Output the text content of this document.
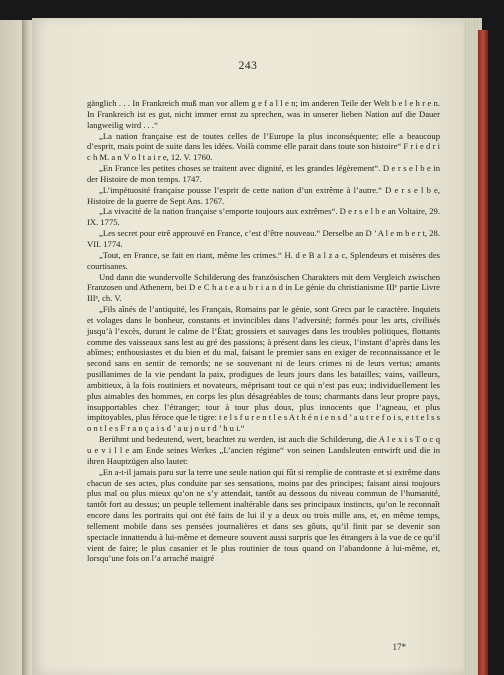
243

gänglich . . . In Frankreich muß man vor allem g e f a l l e n; im anderen Teile der Welt b e l e h r e n. In Frankreich ist es gut, nicht immer ernst zu sprechen, was in unserer lieben Nation auf die Dauer langweilig wird . . .“

„La nation française est de toutes celles de l’Europe la plus inconséquente; elle a beaucoup d’esprit, mais point de suite dans les idées. Voilà comme elle parait dans toute son histoire“ F r i e d r i c h M. a n V o l t a i r e, 12. V. 1760.

„En France les petites choses se traitent avec dignité, et les grandes légèrement“. D e r s e l b e in der Histoire de mon temps. 1747.

„L’impétuosité française pousse l’esprit de cette nation d’un extrême à l’autre.“ D e r s e l b e, Histoire de la guerre de Sept Ans. 1767.

„La vivacité de la nation française s’emporte toujours aux extrêmes“. D e r s e l b e an Voltaire, 29. IX. 1775.

„Les secret pour etrê approuvé en France, c’est d’être nouveau.“ Derselbe an D ’ A l e m b e r t, 28. VII. 1774.

„Tout, en France, se fait en riant, même les crimes.“ H. d e B a l z a c, Splendeurs et misères des courtisanes.

Und dann die wundervolle Schilderung des französischen Charakters mit dem Vergleich zwischen Franzosen und Athenern, bei D e C h a t e a u b r i a n d in Le génie du christianisme IIIᵉ partie Livre IIIᵉ, ch. V.

„Fils aînés de l’antiquité, les Français, Romains par le génie, sont Grecs par le caractère. Inquiets et volages dans le bonheur, constants et invincibles dans l’adversité; formés pour les arts, civilisés jusqu’à l’excès, durant le calme de l’État; grossiers et sauvages dans les troubles politiques, flottants comme des vaisseaux sans lest au gré des passions; à présent dans les cieux, l’instant d’après dans les abîmes; enthousiastes et du bien et du mal, faisant le premier sans en exiger de reconnaissance et le second sans en sentir de remords; ne se souvenant ni de leurs crimes ni de leurs vertus; amants pusillanimes de la vie pendant la paix, prodigues de leurs jours dans les batailles; vains, vailleurs, ambitieux, à la fois routiniers et novateurs, méprisant tout ce qui n’est pas eux; individuellement les plus aimables des hommes, en corps les plus désagréables de tous; charmants dans leur propre pays, insupportables chez l’étranger; tour à tour plus doux, plus innocents que l’agneau, et plus impitoyables, plus féroce que le tigre: t e l s f u r e n t l e s A t h é n i e n s d ’ a u t r e f o i s, e t t e l s s o n t l e s F r a n ç a i s d ’ a u j o u r d ’ h u i.“

Berühmt und bedeutend, wert, beachtet zu werden, ist auch die Schilderung, die A l e x i s T o c q u e v i l l e am Ende seines Werkes „L’ancien régime“ von seinen Landsleuten entwirft und die in ihren Hauptzügen also lautet:

„En a-t-il jamais paru sur la terre une seule nation qui fût si remplie de contraste et si extrême dans chacun de ses actes, plus conduite par ses sensations, moins par des principes; faisant ainsi toujours plus mal ou plus mieux qu’on ne s’y attendait, tantôt au dessous du niveau commun de l’humanité, tantôt fort au dessus; un peuple tellement inaltérable dans ses principaux instincts, qu’on le reconnaît encore dans les portraits qui ont été faits de lui il y a deux ou trois mille ans, et, en même temps, tellement mobile dans ses pensées journalières et dans ses gôuts, qu’il finit par se devenir son spectacle innattendu à lui-même et demeure souvent aussi surpris que les étrangers à la vue de ce qu’il vient de faire; le plus casanier et le plus routinier de tous quand on l’abandonne à lui-même, et, lorsqu’une fois on l’a arraché maigré

17*
